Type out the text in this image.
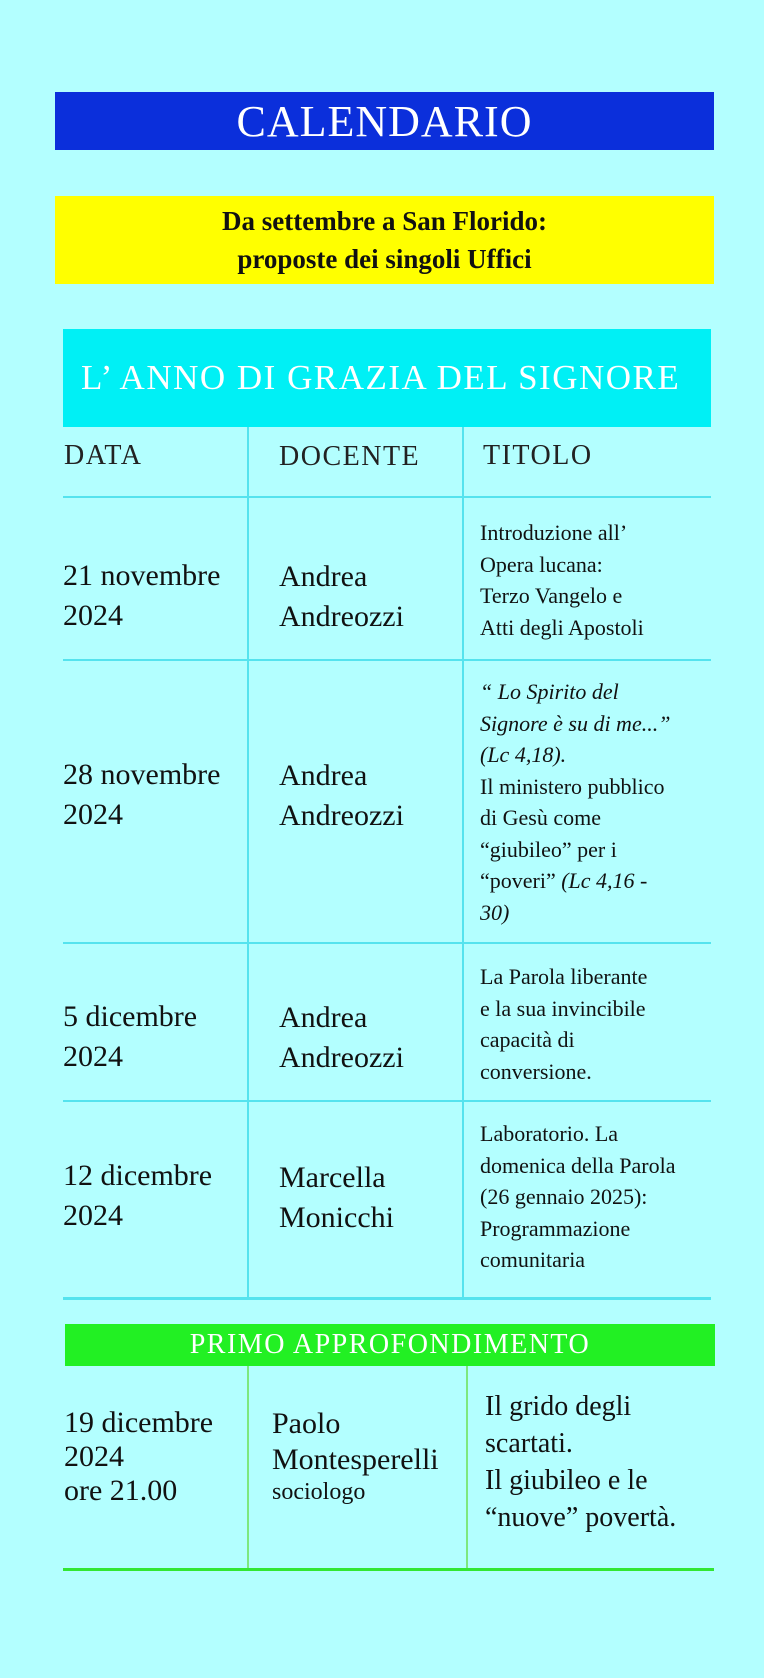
CALENDARIO
Da settembre a San Florido:
proposte dei singoli Uffici
L’ ANNO DI GRAZIA DEL SIGNORE
DATA	DOCENTE TITOLO
21 novembre
2024
Andrea
Andreozzi
Introduzione all’
Opera lucana:
Terzo Vangelo e
Atti degli Apostoli
28 novembre
2024
Andrea
Andreozzi
“ Lo Spirito del
Signore è su di me...”
(Lc 4,18).
Il ministero pubblico
di Gesù come
“giubileo” per i
“poveri” (Lc 4,16 -
30)
5 dicembre
2024
Andrea
Andreozzi
La Parola liberante
e la sua invincibile
capacità di
conversione.
12 dicembre
2024
Marcella
Monicchi
Laboratorio. La
domenica della Parola
(26 gennaio 2025):
Programmazione
comunitaria
PRIMO APPROFONDIMENTO
19 dicembre
2024
ore 21.00
Paolo
Montesperelli
sociologo
Il grido degli
scartati.
Il giubileo e le
“nuove” povertà.
